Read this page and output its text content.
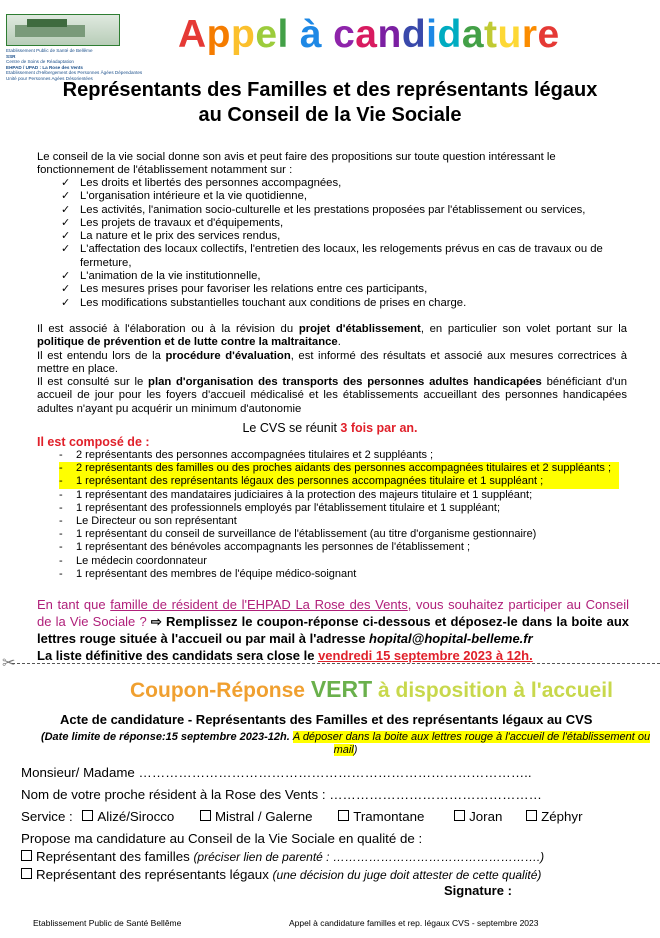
Etablissement Public de Santé de Bellême
SSR
Centre de Soins de Réadaptation
EHPAD / UPAD : La Rose des Vents
Etablissement d'Hébergement des Personnes Âgées Dépendantes
Unité pour Personnes Agées Désorientées
Appel à candidature
Représentants des Familles et des représentants légaux
au Conseil de la Vie Sociale
Le conseil de la vie social donne son avis et peut faire des propositions sur toute question intéressant le fonctionnement de l'établissement notamment sur :
✓ Les droits et libertés des personnes accompagnées,
✓ L'organisation intérieure et la vie quotidienne,
✓ Les activités, l'animation socio-culturelle et les prestations proposées par l'établissement ou services,
✓ Les projets de travaux et d'équipements,
✓ La nature et le prix des services rendus,
✓ L'affectation des locaux collectifs, l'entretien des locaux, les relogements prévus en cas de travaux ou de fermeture,
✓ L'animation de la vie institutionnelle,
✓ Les mesures prises pour favoriser les relations entre ces participants,
✓ Les modifications substantielles touchant aux conditions de prises en charge.

Il est associé à l'élaboration ou à la révision du projet d'établissement, en particulier son volet portant sur la politique de prévention et de lutte contre la maltraitance.

Il est entendu lors de la procédure d'évaluation, est informé des résultats et associé aux mesures correctrices à mettre en place.

Il est consulté sur le plan d'organisation des transports des personnes adultes handicapées bénéficiant d'un accueil de jour pour les foyers d'accueil médicalisé et les établissements accueillant des personnes handicapées adultes n'ayant pu acquérir un minimum d'autonomie

Le CVS se réunit 3 fois par an.
Il est composé de :
- 2 représentants des personnes accompagnées titulaires et 2 suppléants ;
- 2 représentants des familles ou des proches aidants des personnes accompagnées titulaires et 2 suppléants ;
- 1 représentant des représentants légaux des personnes accompagnées titulaire et 1 suppléant ;
- 1 représentant des mandataires judiciaires à la protection des majeurs titulaire et 1 suppléant;
- 1 représentant des professionnels employés par l'établissement titulaire et 1 suppléant;
- Le Directeur ou son représentant
- 1 représentant du conseil de surveillance de l'établissement (au titre d'organisme gestionnaire)
- 1 représentant des bénévoles accompagnants les personnes de l'établissement ;
- Le médecin coordonnateur
- 1 représentant des membres de l'équipe médico-soignant
En tant que famille de résident de l'EHPAD La Rose des Vents, vous souhaitez participer au Conseil de la Vie Sociale ? ⇨ Remplissez le coupon-réponse ci-dessous et déposez-le dans la boite aux lettres rouge située à l'accueil ou par mail à l'adresse hopital@hopital-belleme.fr
La liste définitive des candidats sera close le vendredi 15 septembre 2023 à 12h.
✂
Coupon-Réponse VERT à disposition à l'accueil
Acte de candidature - Représentants des Familles et des représentants légaux au CVS
(Date limite de réponse:15 septembre 2023-12h. A déposer dans la boite aux lettres rouge à l'accueil de l'établissement ou mail)
Monsieur/ Madame ……………………………………………………………………………..
Nom de votre proche résident à la Rose des Vents : …………………………………………
Service : Alizé/Sirocco	Mistral / Galerne	Tramontane	Joran	Zéphyr
Propose ma candidature au Conseil de la Vie Sociale en qualité de :
Représentant des familles (préciser lien de parenté : …………………………………………….)
Représentant des représentants légaux (une décision du juge doit attester de cette qualité)
Signature :
Etablissement Public de Santé Bellême	Appel à candidature familles et rep. légaux CVS - septembre 2023
